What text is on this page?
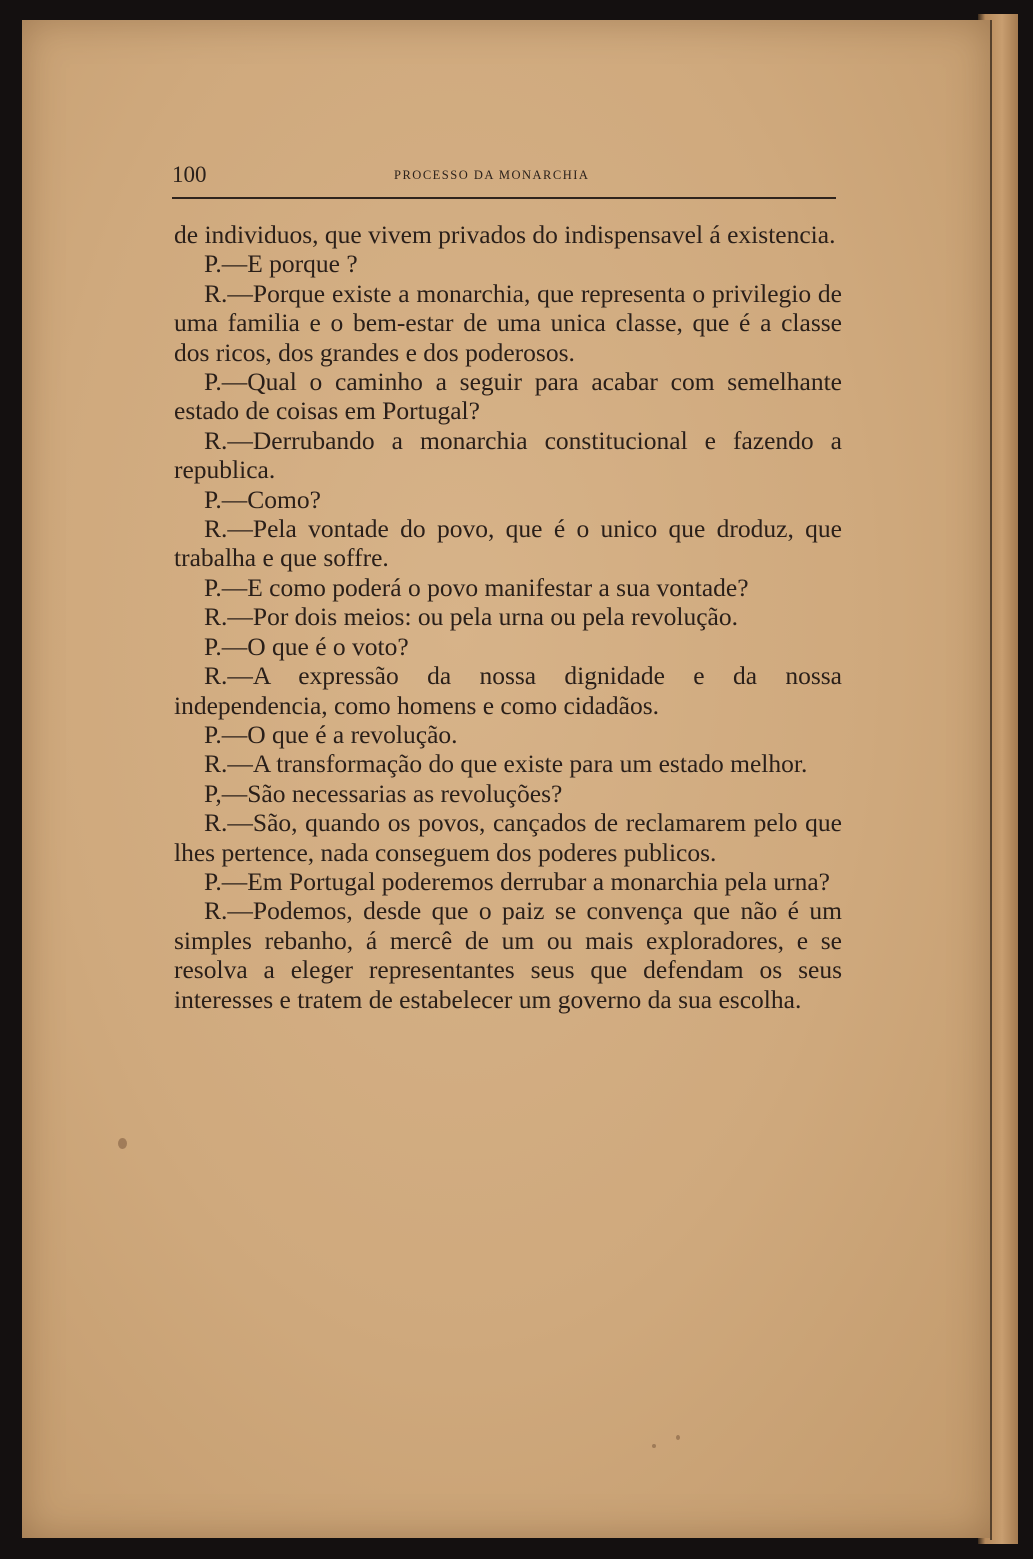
100	PROCESSO DA MONARCHIA

de individuos, que vivem privados do indispensavel á existencia.

P.—E porque ?

R.—Porque existe a monarchia, que representa o privilegio de uma familia e o bem-estar de uma unica classe, que é a classe dos ricos, dos grandes e dos poderosos.

P.—Qual o caminho a seguir para acabar com semelhante estado de coisas em Portugal?

R.—Derrubando a monarchia constitucional e fazendo a republica.

P.—Como?

R.—Pela vontade do povo, que é o unico que droduz, que trabalha e que soffre.

P.—E como poderá o povo manifestar a sua vontade?

R.—Por dois meios: ou pela urna ou pela revolução.

P.—O que é o voto?

R.—A expressão da nossa dignidade e da nossa independencia, como homens e como cidadãos.

P.—O que é a revolução.

R.—A transformação do que existe para um estado melhor.

P,—São necessarias as revoluções?

R.—São, quando os povos, cançados de reclamarem pelo que lhes pertence, nada conseguem dos poderes publicos.

P.—Em Portugal poderemos derrubar a monarchia pela urna?

R.—Podemos, desde que o paiz se convença que não é um simples rebanho, á mercê de um ou mais exploradores, e se resolva a eleger representantes seus que defendam os seus interesses e tratem de estabelecer um governo da sua escolha.
